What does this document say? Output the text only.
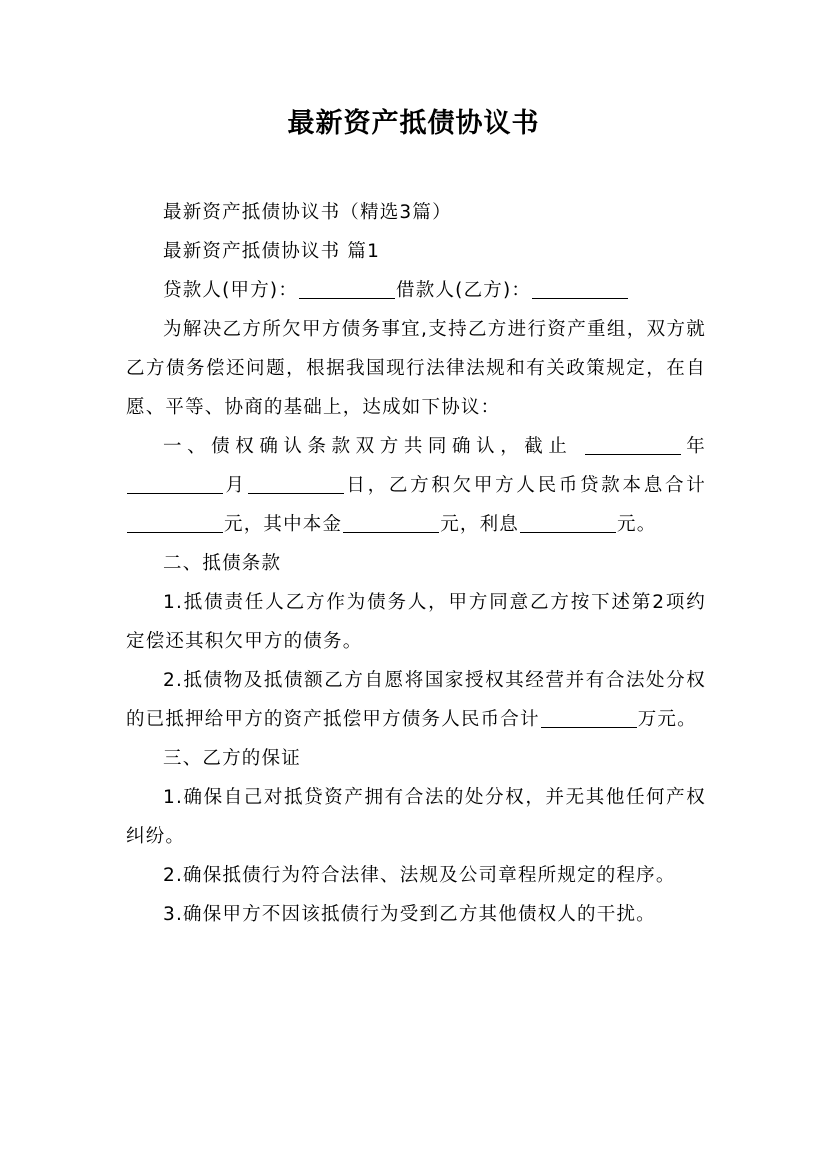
最新资产抵债协议书

最新资产抵债协议书（精选3篇）

最新资产抵债协议书 篇1

贷款人(甲方)：	借款人(乙方)：

为解决乙方所欠甲方债务事宜,支持乙方进行资产重组，双方就乙方债务偿还问题，根据我国现行法律法规和有关政策规定，在自愿、平等、协商的基础上，达成如下协议：

一、债权确认条款双方共同确认，截止	年月	日，乙方积欠甲方人民币贷款本息合计元，其中本金	元，利息	元。

二、抵债条款

1.抵债责任人乙方作为债务人，甲方同意乙方按下述第2项约定偿还其积欠甲方的债务。

2.抵债物及抵债额乙方自愿将国家授权其经营并有合法处分权的已抵押给甲方的资产抵偿甲方债务人民币合计	万元。

三、乙方的保证

1.确保自己对抵贷资产拥有合法的处分权，并无其他任何产权纠纷。

2.确保抵债行为符合法律、法规及公司章程所规定的程序。

3.确保甲方不因该抵债行为受到乙方其他债权人的干扰。
